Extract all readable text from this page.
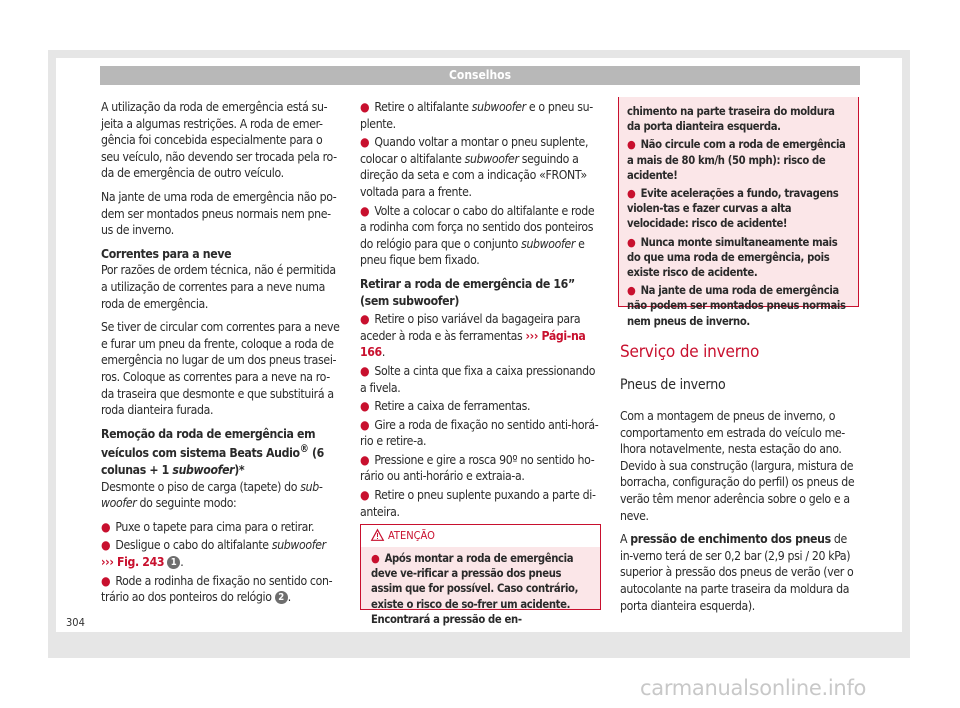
Conselhos

A utilização da roda de emergência está su-jeita a algumas restrições. A roda de emer-gência foi concebida especialmente para o seu veículo, não devendo ser trocada pela ro-da de emergência de outro veículo.

Na jante de uma roda de emergência não po-dem ser montados pneus normais nem pne-us de inverno.

Correntes para a neve

Por razões de ordem técnica, não é permitida a utilização de correntes para a neve numa roda de emergência.

Se tiver de circular com correntes para a neve e furar um pneu da frente, coloque a roda de emergência no lugar de um dos pneus trasei-ros. Coloque as correntes para a neve na ro-da traseira que desmonte e que substituirá a roda dianteira furada.

Remoção da roda de emergência em veículos com sistema Beats Audio® (6 colunas + 1 subwoofer)*

Desmonte o piso de carga (tapete) do sub-woofer do seguinte modo:

● Puxe o tapete para cima para o retirar.

● Desligue o cabo do altifalante subwoofer
››› Fig. 243 1 .

● Rode a rodinha de fixação no sentido con-trário ao dos ponteiros do relógio 2 .

● Retire o altifalante subwoofer e o pneu su-plente.

● Quando voltar a montar o pneu suplente, colocar o altifalante subwoofer seguindo a direção da seta e com a indicação «FRONT» voltada para a frente.

● Volte a colocar o cabo do altifalante e rode a rodinha com força no sentido dos ponteiros do relógio para que o conjunto subwoofer e pneu fique bem fixado.

Retirar a roda de emergência de 16” (sem subwoofer)

● Retire o piso variável da bagageira para aceder à roda e às ferramentas ››› Pági-na 166.

● Solte a cinta que fixa a caixa pressionando a fivela.

● Retire a caixa de ferramentas.

● Gire a roda de fixação no sentido anti-horá-rio e retire-a.

● Pressione e gire a rosca 90º no sentido ho-rário ou anti-horário e extraia-a.

● Retire o pneu suplente puxando a parte di-anteira.

ATENÇÃO

● Após montar a roda de emergência deve ve-rificar a pressão dos pneus assim que for possível. Caso contrário, existe o risco de so-frer um acidente. Encontrará a pressão de en-

chimento na parte traseira do moldura da porta dianteira esquerda.

● Não circule com a roda de emergência a mais de 80 km/h (50 mph): risco de acidente!

● Evite acelerações a fundo, travagens violen-tas e fazer curvas a alta velocidade: risco de acidente!

● Nunca monte simultaneamente mais do que uma roda de emergência, pois existe risco de acidente.

● Na jante de uma roda de emergência não podem ser montados pneus normais nem pneus de inverno.

Serviço de inverno
Pneus de inverno

Com a montagem de pneus de inverno, o comportamento em estrada do veículo me-lhora notavelmente, nesta estação do ano. Devido à sua construção (largura, mistura de borracha, configuração do perfil) os pneus de verão têm menor aderência sobre o gelo e a neve.

A pressão de enchimento dos pneus de in-verno terá de ser 0,2 bar (2,9 psi / 20 kPa) superior à pressão dos pneus de verão (ver o autocolante na parte traseira da moldura da porta dianteira esquerda).

304
carmanualsonline.info
